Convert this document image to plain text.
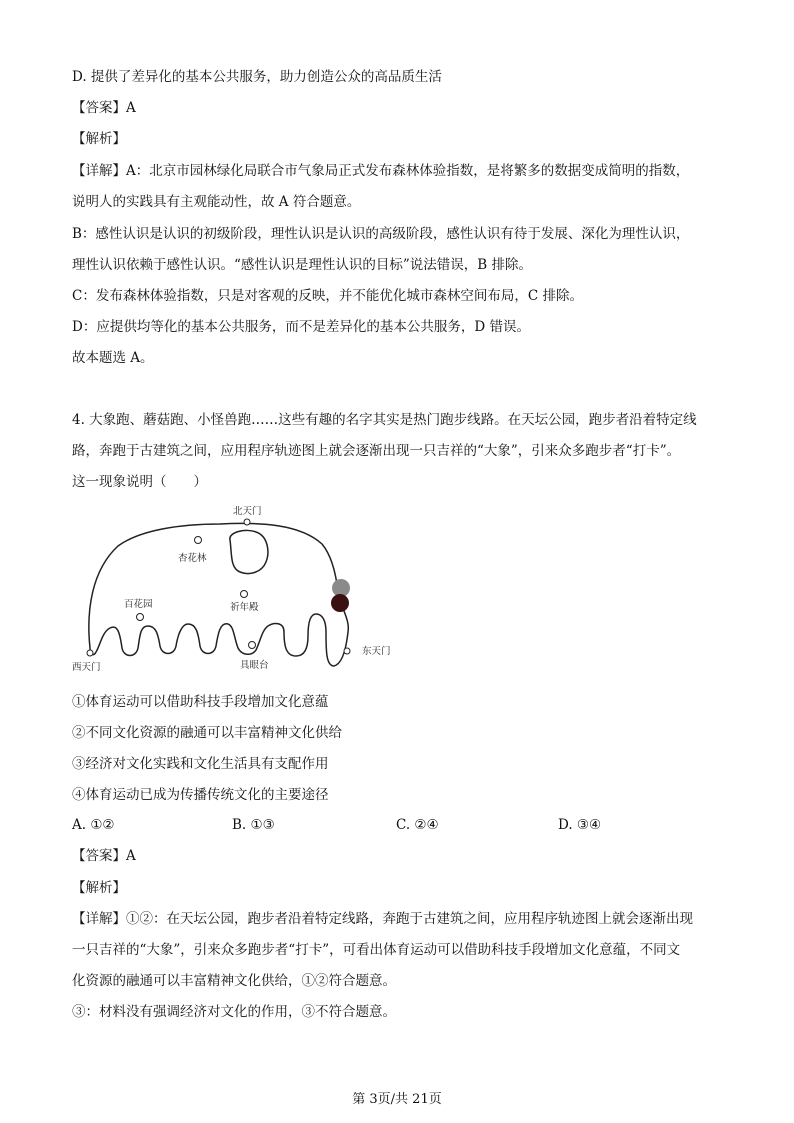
D. 提供了差异化的基本公共服务，助力创造公众的高品质生活
【答案】A
【解析】
【详解】A：北京市园林绿化局联合市气象局正式发布森林体验指数，是将繁多的数据变成简明的指数，
说明人的实践具有主观能动性，故 A 符合题意。
B：感性认识是认识的初级阶段，理性认识是认识的高级阶段，感性认识有待于发展、深化为理性认识，
理性认识依赖于感性认识。“感性认识是理性认识的目标”说法错误，B 排除。
C：发布森林体验指数，只是对客观的反映，并不能优化城市森林空间布局，C 排除。
D：应提供均等化的基本公共服务，而不是差异化的基本公共服务，D 错误。
故本题选 A。
4. 大象跑、蘑菇跑、小怪兽跑……这些有趣的名字其实是热门跑步线路。在天坛公园，跑步者沿着特定线
路，奔跑于古建筑之间，应用程序轨迹图上就会逐渐出现一只吉祥的“大象”，引来众多跑步者“打卡”。
这一现象说明（　　）
北天门
杏花林
百花园	祈年殿
东天门
西天门	具眼台
①体育运动可以借助科技手段增加文化意蕴
②不同文化资源的融通可以丰富精神文化供给
③经济对文化实践和文化生活具有支配作用
④体育运动已成为传播传统文化的主要途径
A. ①②	B. ①③	C. ②④	D. ③④
【答案】A
【解析】
【详解】①②：在天坛公园，跑步者沿着特定线路，奔跑于古建筑之间，应用程序轨迹图上就会逐渐出现
一只吉祥的“大象”，引来众多跑步者“打卡”，可看出体育运动可以借助科技手段增加文化意蕴，不同文
化资源的融通可以丰富精神文化供给，①②符合题意。
③：材料没有强调经济对文化的作用，③不符合题意。
第 3页/共 21页
